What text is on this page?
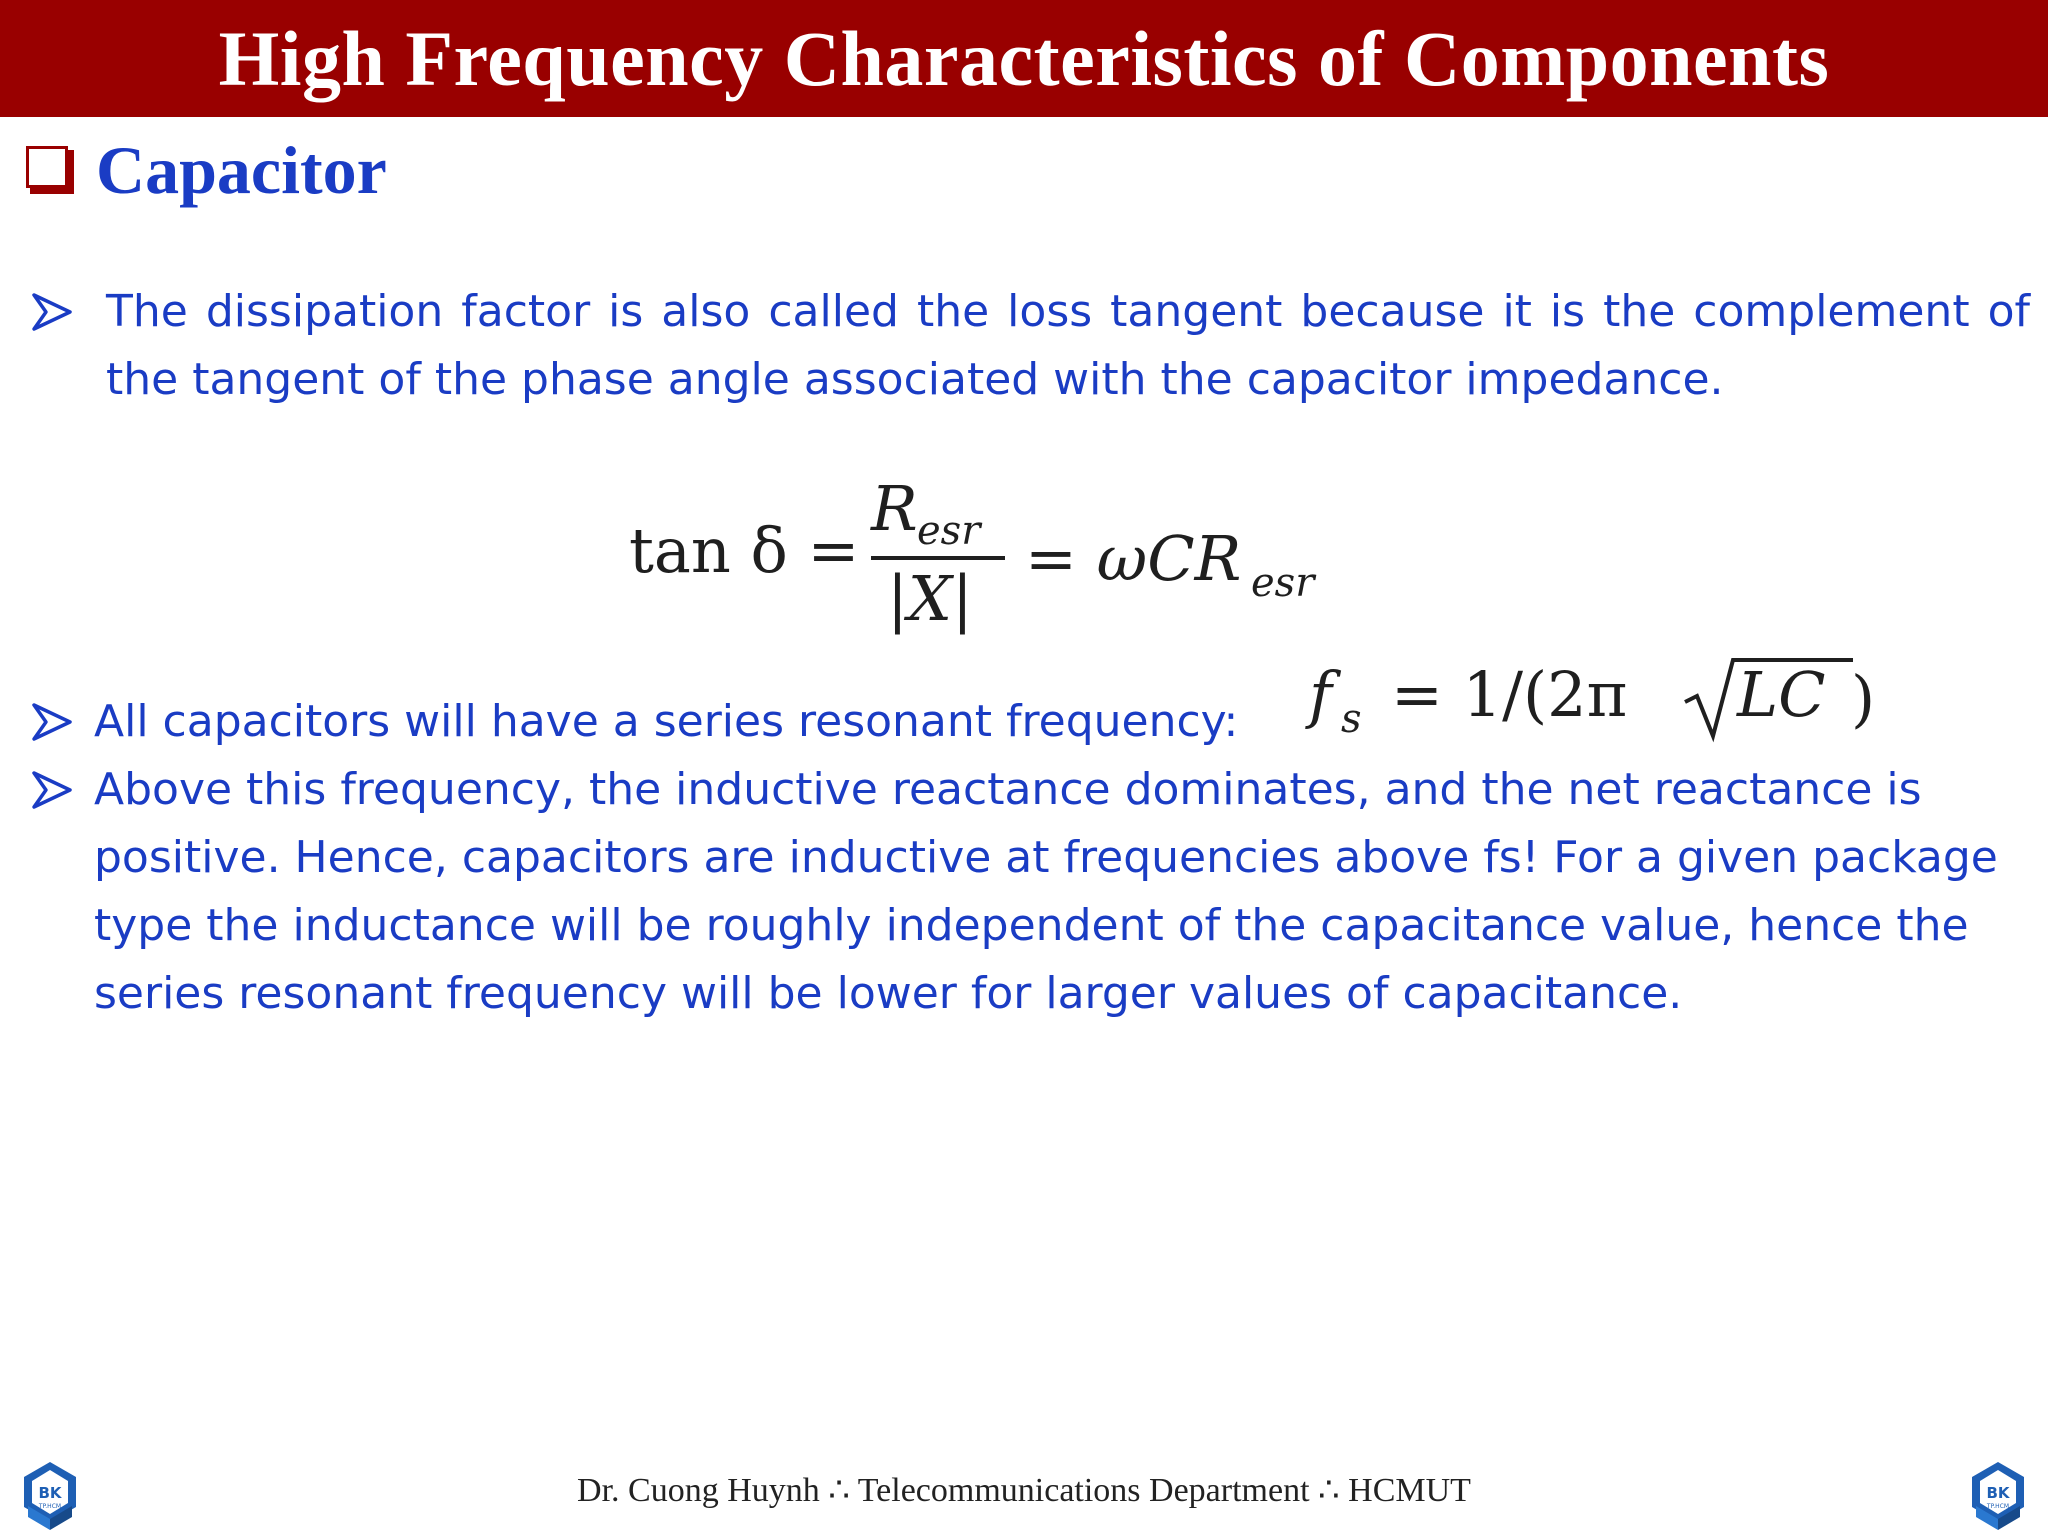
High Frequency Characteristics of Components
Capacitor
The dissipation factor is also called the loss tangent because it is the complement of the tangent of the phase angle associated with the capacitor impedance.
tan δ =
R esr
|X|
= ωCR esr
All capacitors will have a series resonant frequency:	f s = 1/(2π LC )
Above this frequency, the inductive reactance dominates, and the net reactance is positive. Hence, capacitors are inductive at frequencies above fs! For a given package type the inductance will be roughly independent of the capacitance value, hence the series resonant frequency will be lower for larger values of capacitance.
Dr. Cuong Huynh ∴ Telecommunications Department ∴ HCMUT
BK
TP.HCM
BK
TP.HCM
